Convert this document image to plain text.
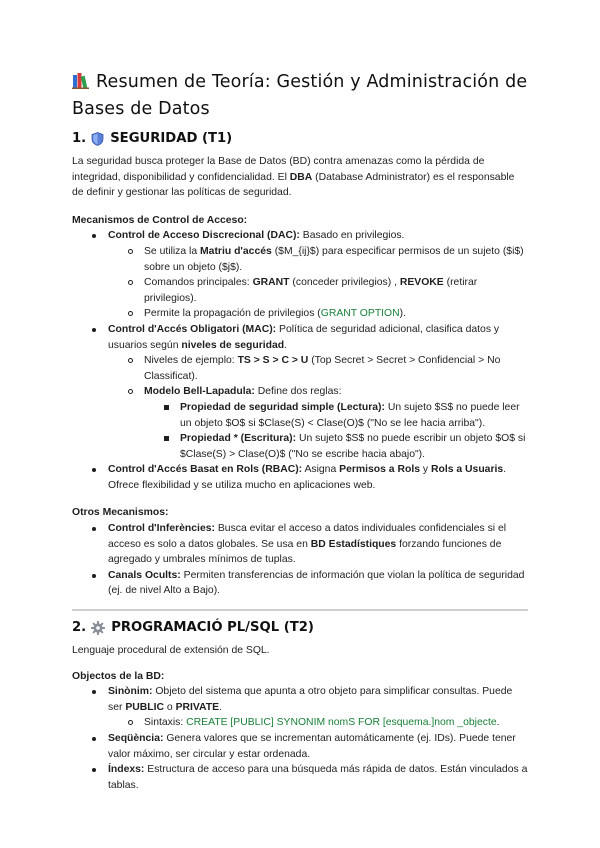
Resumen de Teoría: Gestión y Administración de Bases de Datos
1. SEGURIDAD (T1)

La seguridad busca proteger la Base de Datos (BD) contra amenazas como la pérdida de integridad, disponibilidad y confidencialidad. El DBA (Database Administrator) es el responsable de definir y gestionar las políticas de seguridad.

Mecanismos de Control de Acceso:
Control de Acceso Discrecional (DAC): Basado en privilegios.
Se utiliza la Matriu d'accés ($M_{ij}$) para especificar permisos de un sujeto ($i$) sobre un objeto ($j$).
Comandos principales: GRANT (conceder privilegios) , REVOKE (retirar privilegios).
Permite la propagación de privilegios (GRANT OPTION).
Control d'Accés Obligatori (MAC): Política de seguridad adicional, clasifica datos y usuarios según niveles de seguridad.
Niveles de ejemplo: TS > S > C > U (Top Secret > Secret > Confidencial > No Classificat).
Modelo Bell-Lapadula: Define dos reglas:
Propiedad de seguridad simple (Lectura): Un sujeto $S$ no puede leer un objeto $O$ si $Clase(S) < Clase(O)$ ("No se lee hacia arriba").
Propiedad * (Escritura): Un sujeto $S$ no puede escribir un objeto $O$ si $Clase(S) > Clase(O)$ ("No se escribe hacia abajo").
Control d'Accés Basat en Rols (RBAC): Asigna Permisos a Rols y Rols a Usuaris. Ofrece flexibilidad y se utiliza mucho en aplicaciones web.
Otros Mecanismos:
Control d'Inferències: Busca evitar el acceso a datos individuales confidenciales si el acceso es solo a datos globales. Se usa en BD Estadístiques forzando funciones de agregado y umbrales mínimos de tuplas.
Canals Ocults: Permiten transferencias de información que violan la política de seguridad (ej. de nivel Alto a Bajo).
2. PROGRAMACIÓ PL/SQL (T2)

Lenguaje procedural de extensión de SQL.

Objectos de la BD:
Sinònim: Objeto del sistema que apunta a otro objeto para simplificar consultas. Puede ser PUBLIC o PRIVATE.
Sintaxis: CREATE [PUBLIC] SYNONIM nomS FOR [esquema.]nom _objecte.
Seqüència: Genera valores que se incrementan automáticamente (ej. IDs). Puede tener valor máximo, ser circular y estar ordenada.
Índexs: Estructura de acceso para una búsqueda más rápida de datos. Están vinculados a tablas.
